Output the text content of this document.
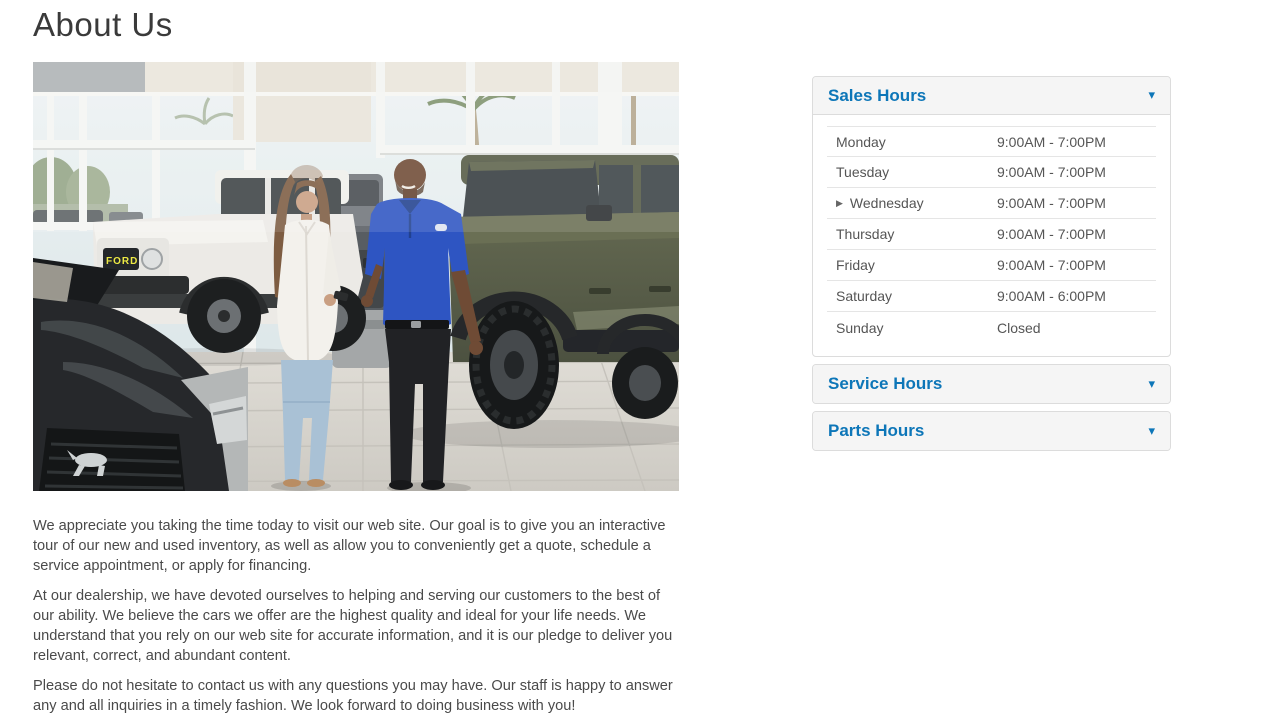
About Us
FORD

We appreciate you taking the time today to visit our web site. Our goal is to give you an interactive tour of our new and used inventory, as well as allow you to conveniently get a quote, schedule a service appointment, or apply for financing.

At our dealership, we have devoted ourselves to helping and serving our customers to the best of our ability. We believe the cars we offer are the highest quality and ideal for your life needs. We understand that you rely on our web site for accurate information, and it is our pledge to deliver you relevant, correct, and abundant content.

Please do not hesitate to contact us with any questions you may have. Our staff is happy to answer any and all inquiries in a timely fashion. We look forward to doing business with you!

Sales Hours	▾
Monday	9:00AM - 7:00PM
Tuesday	9:00AM - 7:00PM
▶ Wednesday	9:00AM - 7:00PM
Thursday	9:00AM - 7:00PM
Friday	9:00AM - 7:00PM
Saturday	9:00AM - 6:00PM
Sunday	Closed
Service Hours	▾
Parts Hours	▾
